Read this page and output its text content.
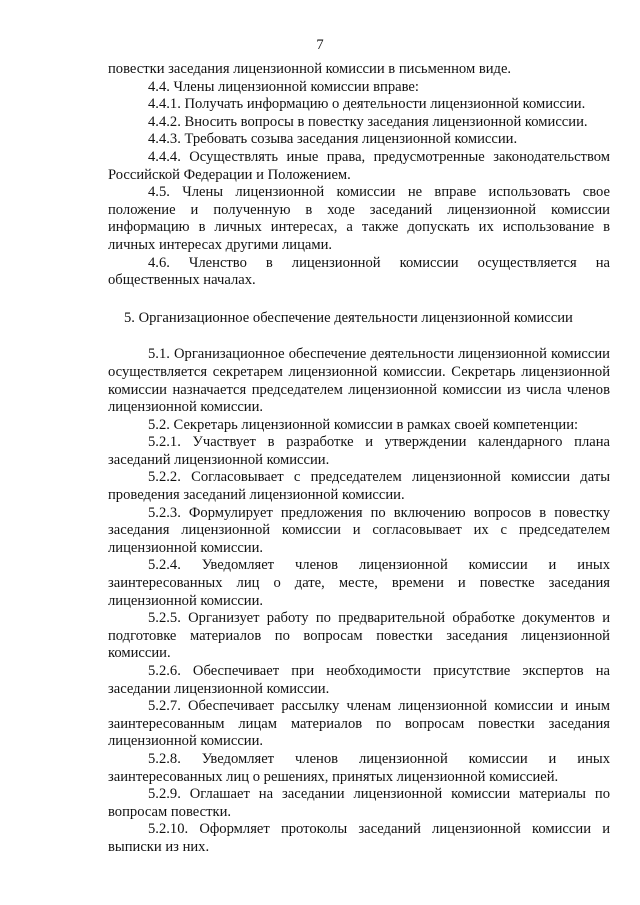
7

повестки заседания лицензионной комиссии в письменном виде.

4.4. Члены лицензионной комиссии вправе:

4.4.1. Получать информацию о деятельности лицензионной комиссии.

4.4.2. Вносить вопросы в повестку заседания лицензионной комиссии.

4.4.3. Требовать созыва заседания лицензионной комиссии.

4.4.4. Осуществлять иные права, предусмотренные законодательством Российской Федерации и Положением.

4.5. Члены лицензионной комиссии не вправе использовать свое положение и полученную в ходе заседаний лицензионной комиссии информацию в личных интересах, а также допускать их использование в личных интересах другими лицами.

4.6. Членство в лицензионной комиссии осуществляется на общественных началах.

5. Организационное обеспечение деятельности лицензионной комиссии

5.1. Организационное обеспечение деятельности лицензионной комиссии осуществляется секретарем лицензионной комиссии. Секретарь лицензионной комиссии назначается председателем лицензионной комиссии из числа членов лицензионной комиссии.

5.2. Секретарь лицензионной комиссии в рамках своей компетенции:

5.2.1. Участвует в разработке и утверждении календарного плана заседаний лицензионной комиссии.

5.2.2. Согласовывает с председателем лицензионной комиссии даты проведения заседаний лицензионной комиссии.

5.2.3. Формулирует предложения по включению вопросов в повестку заседания лицензионной комиссии и согласовывает их с председателем лицензионной комиссии.

5.2.4. Уведомляет членов лицензионной комиссии и иных заинтересованных лиц о дате, месте, времени и повестке заседания лицензионной комиссии.

5.2.5. Организует работу по предварительной обработке документов и подготовке материалов по вопросам повестки заседания лицензионной комиссии.

5.2.6. Обеспечивает при необходимости присутствие экспертов на заседании лицензионной комиссии.

5.2.7. Обеспечивает рассылку членам лицензионной комиссии и иным заинтересованным лицам материалов по вопросам повестки заседания лицензионной комиссии.

5.2.8. Уведомляет членов лицензионной комиссии и иных заинтересованных лиц о решениях, принятых лицензионной комиссией.

5.2.9. Оглашает на заседании лицензионной комиссии материалы по вопросам повестки.

5.2.10. Оформляет протоколы заседаний лицензионной комиссии и выписки из них.
